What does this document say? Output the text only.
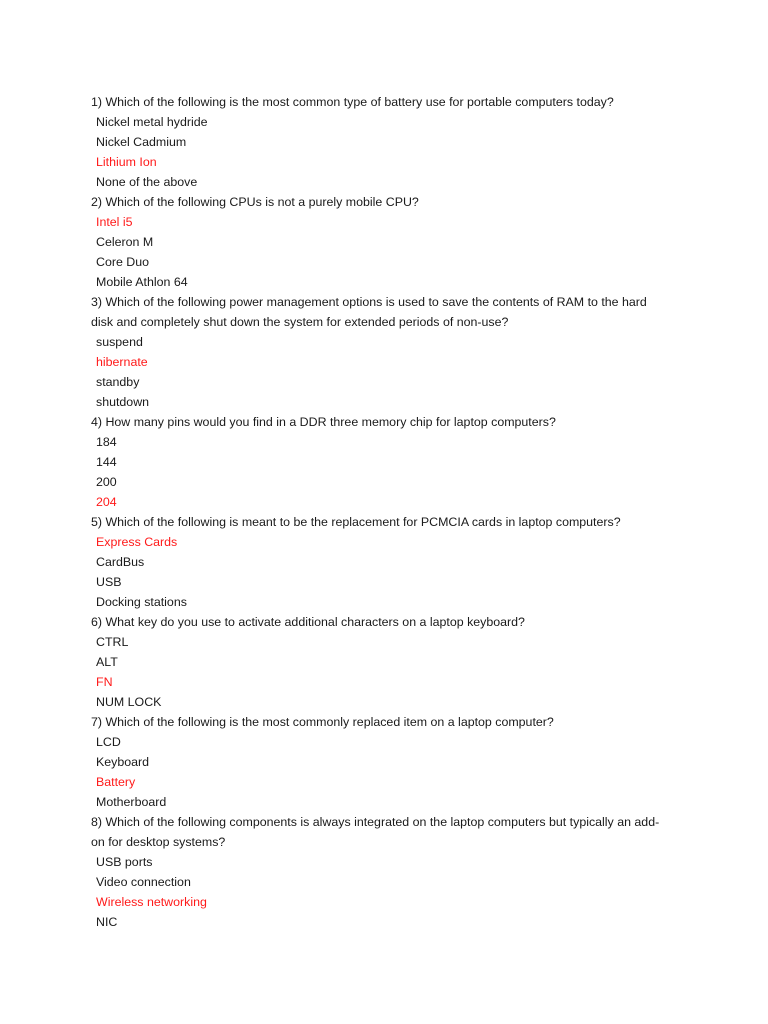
1) Which of the following is the most common type of battery use for portable computers today?

Nickel metal hydride
Nickel Cadmium
Lithium Ion
None of the above

2) Which of the following CPUs is not a purely mobile CPU?

Intel i5
Celeron M
Core Duo
Mobile Athlon 64

3) Which of the following power management options is used to save the contents of RAM to the hard
disk and completely shut down the system for extended periods of non-use?

suspend
hibernate
standby
shutdown

4) How many pins would you find in a DDR three memory chip for laptop computers?

184
144
200
204

5) Which of the following is meant to be the replacement for PCMCIA cards in laptop computers?

Express Cards
CardBus
USB
Docking stations

6) What key do you use to activate additional characters on a laptop keyboard?

CTRL
ALT
FN
NUM LOCK

7) Which of the following is the most commonly replaced item on a laptop computer?

LCD
Keyboard
Battery
Motherboard

8) Which of the following components is always integrated on the laptop computers but typically an add-
on for desktop systems?

USB ports
Video connection
Wireless networking
NIC
